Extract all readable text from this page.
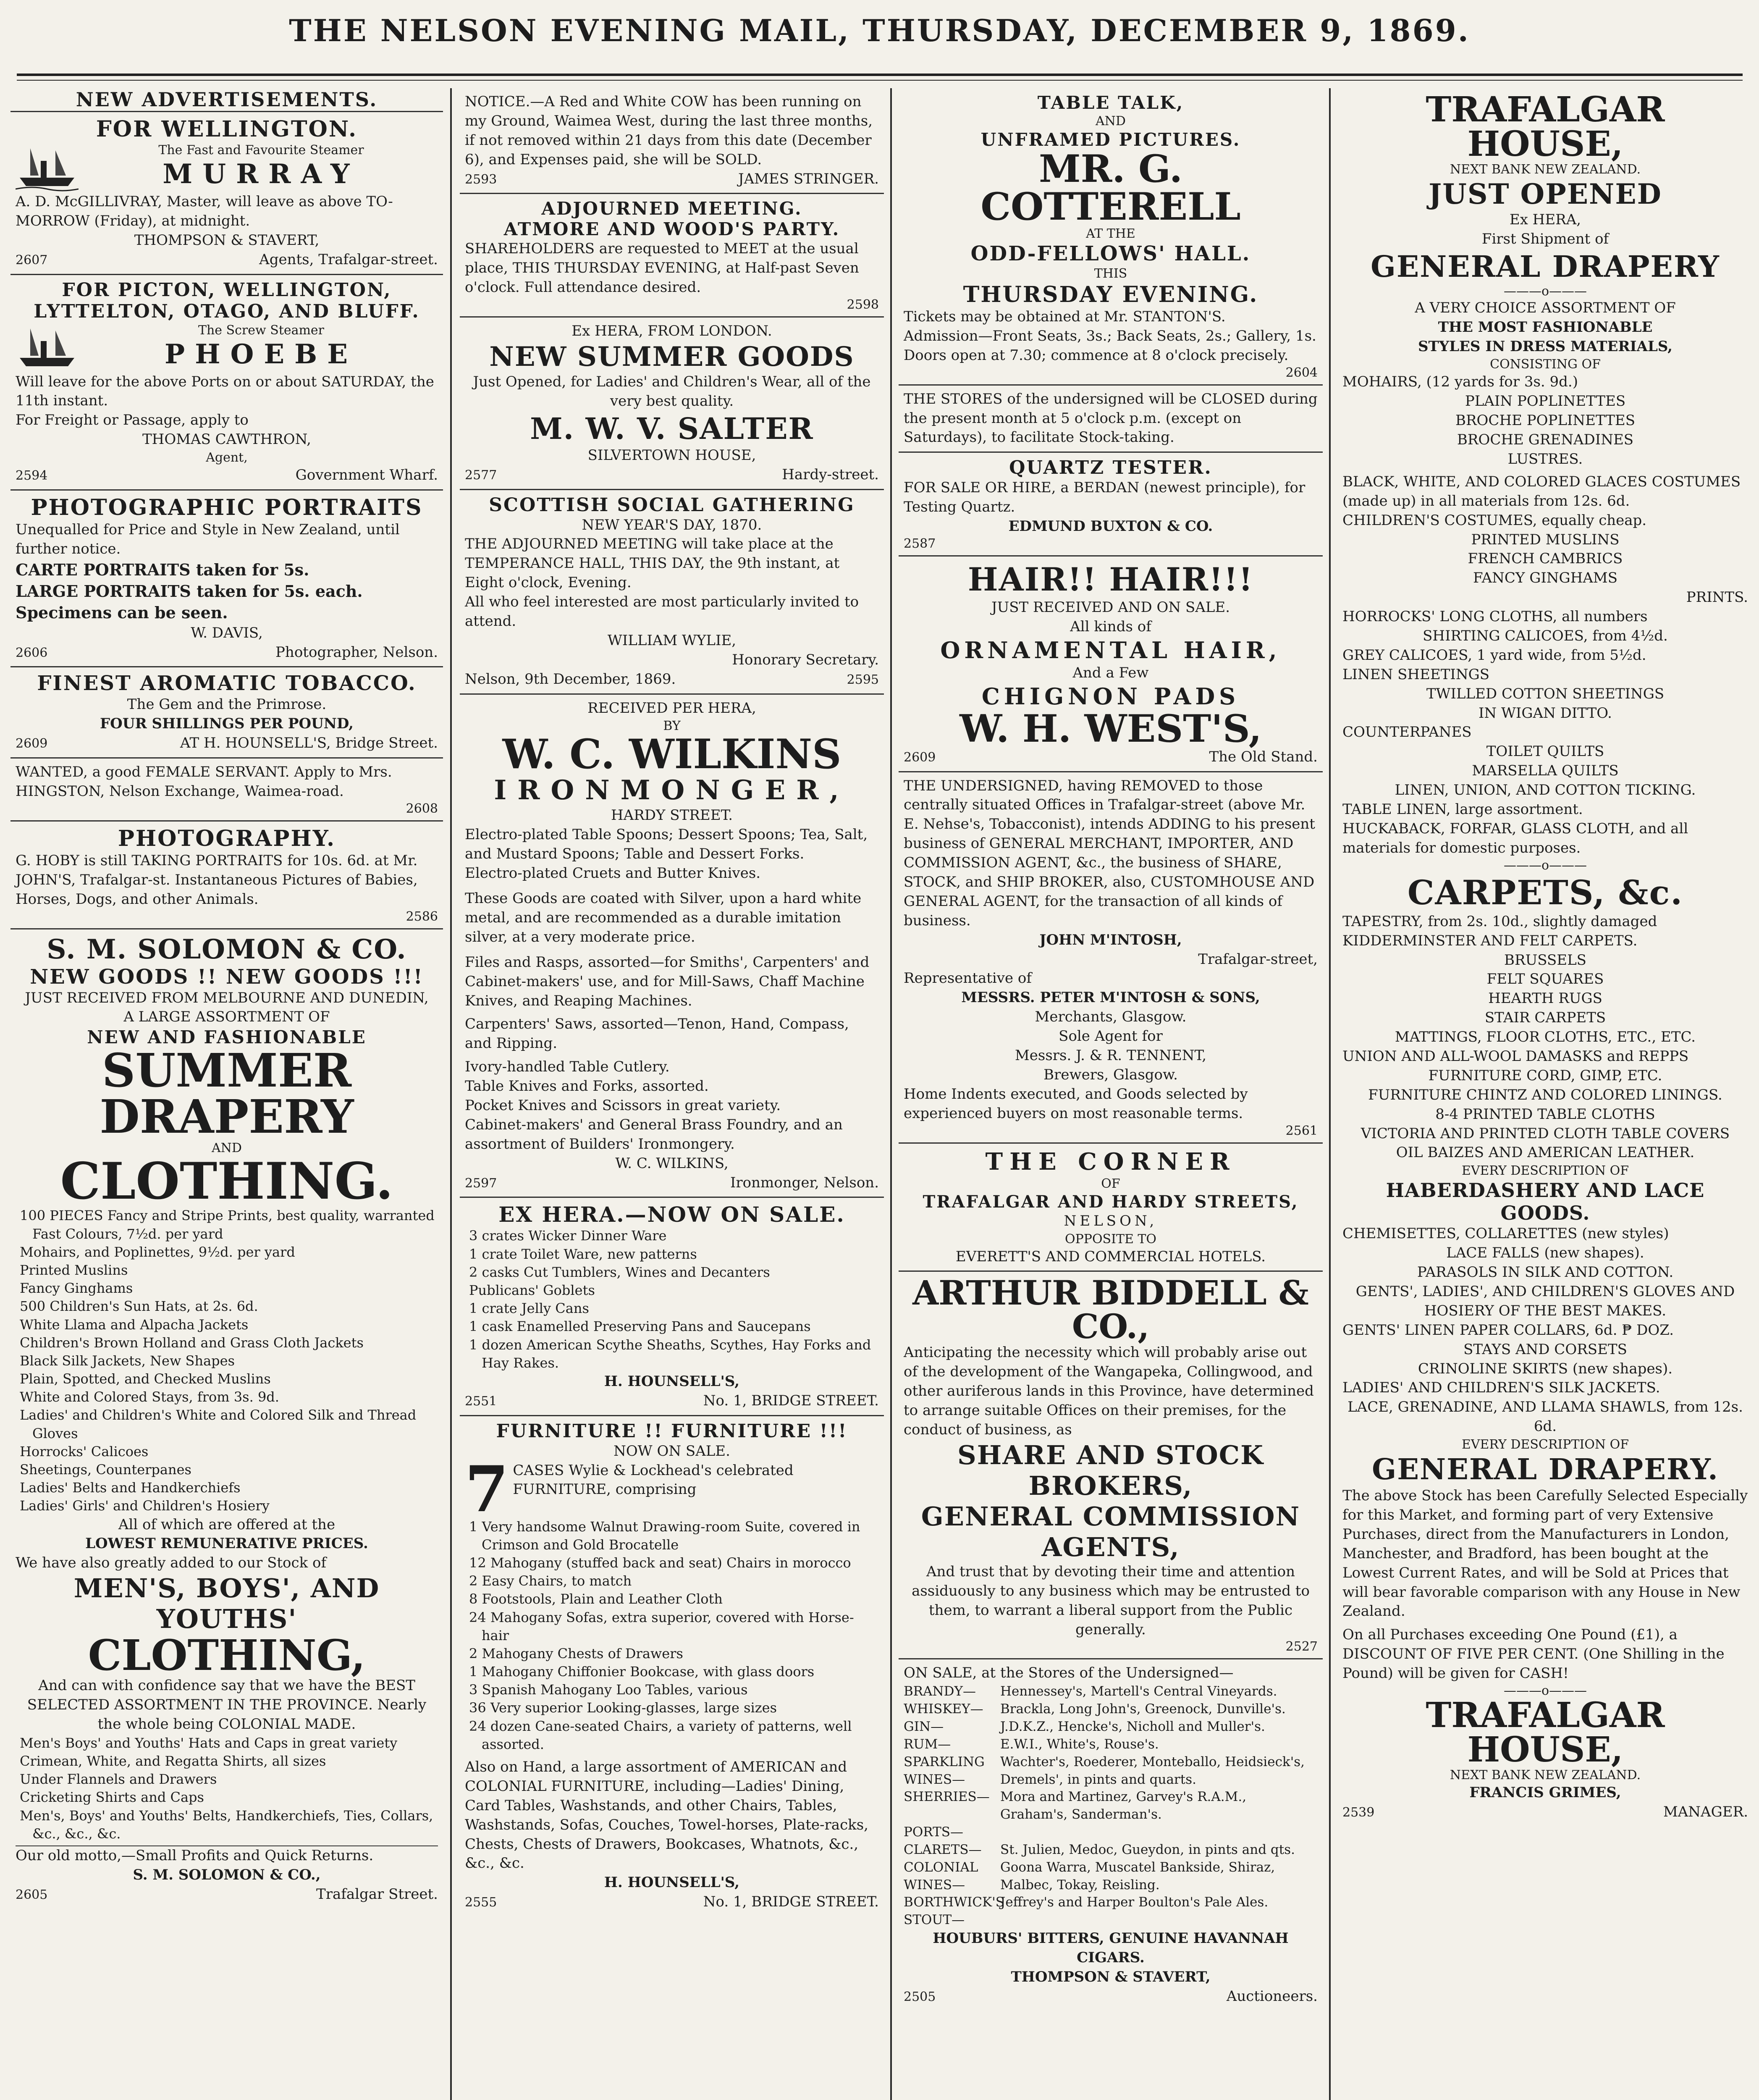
THE NELSON EVENING MAIL, THURSDAY, DECEMBER 9, 1869.
NEW ADVERTISEMENTS.
FOR WELLINGTON.
The Fast and Favourite Steamer
MURRAY
A. D. McGILLIVRAY, Master, will leave as above TO-MORROW (Friday), at midnight.
THOMPSON & STAVERT,
2607	Agents, Trafalgar-street.
FOR PICTON, WELLINGTON, LYTTELTON, OTAGO, AND BLUFF.
The Screw Steamer
PHOEBE
Will leave for the above Ports on or about SATURDAY, the 11th instant.
For Freight or Passage, apply to
THOMAS CAWTHRON,
Agent,
2594	Government Wharf.
PHOTOGRAPHIC PORTRAITS
Unequalled for Price and Style in New Zealand, until further notice.
CARTE PORTRAITS taken for 5s.
LARGE PORTRAITS taken for 5s. each. Specimens can be seen.
W. DAVIS,
2606	Photographer, Nelson.
FINEST AROMATIC TOBACCO.
The Gem and the Primrose.
FOUR SHILLINGS PER POUND,
2609	AT H. HOUNSELL'S, Bridge Street.
WANTED, a good FEMALE SERVANT. Apply to Mrs. HINGSTON, Nelson Exchange, Waimea-road.
2608
PHOTOGRAPHY.
G. HOBY is still TAKING PORTRAITS for 10s. 6d. at Mr. JOHN'S, Trafalgar-st. Instantaneous Pictures of Babies, Horses, Dogs, and other Animals.
2586
S. M. SOLOMON & CO.
NEW GOODS !! NEW GOODS !!!
JUST RECEIVED FROM MELBOURNE AND DUNEDIN,
A LARGE ASSORTMENT OF
NEW AND FASHIONABLE
SUMMER DRAPERY
AND
CLOTHING.
100 PIECES Fancy and Stripe Prints, best quality, warranted Fast Colours, 7½d. per yard
Mohairs, and Poplinettes, 9½d. per yard
Printed Muslins
Fancy Ginghams
500 Children's Sun Hats, at 2s. 6d.
White Llama and Alpacha Jackets
Children's Brown Holland and Grass Cloth Jackets
Black Silk Jackets, New Shapes
Plain, Spotted, and Checked Muslins
White and Colored Stays, from 3s. 9d.
Ladies' and Children's White and Colored Silk and Thread Gloves
Horrocks' Calicoes
Sheetings, Counterpanes
Ladies' Belts and Handkerchiefs
Ladies' Girls' and Children's Hosiery
All of which are offered at the
LOWEST REMUNERATIVE PRICES.
We have also greatly added to our Stock of
MEN'S, BOYS', AND YOUTHS'
CLOTHING,
And can with confidence say that we have the BEST SELECTED ASSORTMENT IN THE PROVINCE. Nearly the whole being COLONIAL MADE.
Men's Boys' and Youths' Hats and Caps in great variety
Crimean, White, and Regatta Shirts, all sizes
Under Flannels and Drawers
Cricketing Shirts and Caps
Men's, Boys' and Youths' Belts, Handkerchiefs, Ties, Collars, &c., &c., &c.
Our old motto,—Small Profits and Quick Returns.
S. M. SOLOMON & CO.,
2605	Trafalgar Street.
NOTICE.—A Red and White COW has been running on my Ground, Waimea West, during the last three months, if not removed within 21 days from this date (December 6), and Expenses paid, she will be SOLD.
2593	JAMES STRINGER.
ADJOURNED MEETING.
ATMORE AND WOOD'S PARTY.
SHAREHOLDERS are requested to MEET at the usual place, THIS THURSDAY EVENING, at Half-past Seven o'clock. Full attendance desired.
2598
Ex HERA, FROM LONDON.
NEW SUMMER GOODS
Just Opened, for Ladies' and Children's Wear, all of the very best quality.
M. W. V. SALTER
SILVERTOWN HOUSE,
2577	Hardy-street.
SCOTTISH SOCIAL GATHERING
NEW YEAR'S DAY, 1870.
THE ADJOURNED MEETING will take place at the TEMPERANCE HALL, THIS DAY, the 9th instant, at Eight o'clock, Evening.
All who feel interested are most particularly invited to attend.
WILLIAM WYLIE,
Honorary Secretary.
Nelson, 9th December, 1869.	2595
RECEIVED PER HERA,
BY
W. C. WILKINS
IRONMONGER,
HARDY STREET.
Electro-plated Table Spoons; Dessert Spoons; Tea, Salt, and Mustard Spoons; Table and Dessert Forks.
Electro-plated Cruets and Butter Knives.
These Goods are coated with Silver, upon a hard white metal, and are recommended as a durable imitation silver, at a very moderate price.
Files and Rasps, assorted—for Smiths', Carpenters' and Cabinet-makers' use, and for Mill-Saws, Chaff Machine Knives, and Reaping Machines.
Carpenters' Saws, assorted—Tenon, Hand, Compass, and Ripping.
Ivory-handled Table Cutlery.
Table Knives and Forks, assorted.
Pocket Knives and Scissors in great variety.
Cabinet-makers' and General Brass Foundry, and an assortment of Builders' Ironmongery.
W. C. WILKINS,
2597	Ironmonger, Nelson.
EX HERA.—NOW ON SALE.
3 crates Wicker Dinner Ware
1 crate Toilet Ware, new patterns
2 casks Cut Tumblers, Wines and Decanters
Publicans' Goblets
1 crate Jelly Cans
1 cask Enamelled Preserving Pans and Saucepans
1 dozen American Scythe Sheaths, Scythes, Hay Forks and Hay Rakes.
H. HOUNSELL'S,
2551	No. 1, BRIDGE STREET.
FURNITURE !! FURNITURE !!!
NOW ON SALE.
7 CASES Wylie & Lockhead's celebrated FURNITURE, comprising
1 Very handsome Walnut Drawing-room Suite, covered in Crimson and Gold Brocatelle
12 Mahogany (stuffed back and seat) Chairs in morocco
2 Easy Chairs, to match
8 Footstools, Plain and Leather Cloth
24 Mahogany Sofas, extra superior, covered with Horse-hair
2 Mahogany Chests of Drawers
1 Mahogany Chiffonier Bookcase, with glass doors
3 Spanish Mahogany Loo Tables, various
36 Very superior Looking-glasses, large sizes
24 dozen Cane-seated Chairs, a variety of patterns, well assorted.
Also on Hand, a large assortment of AMERICAN and COLONIAL FURNITURE, including—Ladies' Dining, Card Tables, Washstands, and other Chairs, Tables, Washstands, Sofas, Couches, Towel-horses, Plate-racks, Chests, Chests of Drawers, Bookcases, Whatnots, &c., &c., &c.
H. HOUNSELL'S,
2555	No. 1, BRIDGE STREET.
TABLE TALK,
AND
UNFRAMED PICTURES.
MR. G. COTTERELL
AT THE
ODD-FELLOWS' HALL.
THIS
THURSDAY EVENING.
Tickets may be obtained at Mr. STANTON'S.
Admission—Front Seats, 3s.; Back Seats, 2s.; Gallery, 1s.
Doors open at 7.30; commence at 8 o'clock precisely.
2604
THE STORES of the undersigned will be CLOSED during the present month at 5 o'clock p.m. (except on Saturdays), to facilitate Stock-taking.
QUARTZ TESTER.
FOR SALE OR HIRE, a BERDAN (newest principle), for Testing Quartz.
EDMUND BUXTON & CO.
2587
HAIR!! HAIR!!!
JUST RECEIVED AND ON SALE.
All kinds of
ORNAMENTAL HAIR,
And a Few
CHIGNON PADS
W. H. WEST'S,
2609	The Old Stand.
THE UNDERSIGNED, having REMOVED to those centrally situated Offices in Trafalgar-street (above Mr. E. Nehse's, Tobacconist), intends ADDING to his present business of GENERAL MERCHANT, IMPORTER, AND COMMISSION AGENT, &c., the business of SHARE, STOCK, and SHIP BROKER, also, CUSTOMHOUSE AND GENERAL AGENT, for the transaction of all kinds of business.
JOHN M'INTOSH,
Trafalgar-street,
Representative of
MESSRS. PETER M'INTOSH & SONS,
Merchants, Glasgow.
Sole Agent for
Messrs. J. & R. TENNENT,
Brewers, Glasgow.
Home Indents executed, and Goods selected by experienced buyers on most reasonable terms.
2561
THE CORNER
OF
TRAFALGAR AND HARDY STREETS,
NELSON,
OPPOSITE TO
EVERETT'S AND COMMERCIAL HOTELS.
ARTHUR BIDDELL & CO.,
Anticipating the necessity which will probably arise out of the development of the Wangapeka, Collingwood, and other auriferous lands in this Province, have determined to arrange suitable Offices on their premises, for the conduct of business, as
SHARE AND STOCK BROKERS,
GENERAL COMMISSION AGENTS,
And trust that by devoting their time and attention assiduously to any business which may be entrusted to them, to warrant a liberal support from the Public generally.
2527
ON SALE, at the Stores of the Undersigned—
BRANDY—	Hennessey's, Martell's Central Vineyards.
WHISKEY—	Brackla, Long John's, Greenock, Dunville's.
GIN—	J.D.K.Z., Hencke's, Nicholl and Muller's.
RUM—	E.W.I., White's, Rouse's.
SPARKLING WINES—
Wachter's, Roederer, Monteballo, Heidsieck's, Dremels', in pints and quarts.
SHERRIES— Mora and Martinez, Garvey's R.A.M., Graham's, Sanderman's.
PORTS—
CLARETS—	St. Julien, Medoc, Gueydon, in pints and qts.
COLONIAL WINES—
Goona Warra, Muscatel Bankside, Shiraz, Malbec, Tokay, Reisling.
BORTHWICK'S STOUT—
Jeffrey's and Harper Boulton's Pale Ales.
HOUBURS' BITTERS, GENUINE HAVANNAH CIGARS.
THOMPSON & STAVERT,
2505	Auctioneers.
TRAFALGAR HOUSE,
NEXT BANK NEW ZEALAND.
JUST OPENED
Ex HERA,
First Shipment of
GENERAL DRAPERY
———o———
A VERY CHOICE ASSORTMENT OF
THE MOST FASHIONABLE
STYLES IN DRESS MATERIALS,
CONSISTING OF
MOHAIRS, (12 yards for 3s. 9d.)
PLAIN POPLINETTES
BROCHE POPLINETTES
BROCHE GRENADINES
LUSTRES.
BLACK, WHITE, AND COLORED GLACES COSTUMES (made up) in all materials from 12s. 6d.
CHILDREN'S COSTUMES, equally cheap.
PRINTED MUSLINS
FRENCH CAMBRICS
FANCY GINGHAMS
PRINTS.
HORROCKS' LONG CLOTHS, all numbers
SHIRTING CALICOES, from 4½d.
GREY CALICOES, 1 yard wide, from 5½d.
LINEN SHEETINGS
TWILLED COTTON SHEETINGS
IN WIGAN DITTO.
COUNTERPANES
TOILET QUILTS
MARSELLA QUILTS
LINEN, UNION, AND COTTON TICKING.
TABLE LINEN, large assortment.
HUCKABACK, FORFAR, GLASS CLOTH, and all materials for domestic purposes.
———o———
CARPETS, &c.
TAPESTRY, from 2s. 10d., slightly damaged
KIDDERMINSTER AND FELT CARPETS.
BRUSSELS
FELT SQUARES
HEARTH RUGS
STAIR CARPETS
MATTINGS, FLOOR CLOTHS, ETC., ETC.
UNION AND ALL-WOOL DAMASKS and REPPS
FURNITURE CORD, GIMP, ETC.
FURNITURE CHINTZ AND COLORED LININGS.
8-4 PRINTED TABLE CLOTHS
VICTORIA AND PRINTED CLOTH TABLE COVERS
OIL BAIZES AND AMERICAN LEATHER.
EVERY DESCRIPTION OF
HABERDASHERY AND LACE GOODS.
CHEMISETTES, COLLARETTES (new styles)
LACE FALLS (new shapes).
PARASOLS IN SILK AND COTTON.
GENTS', LADIES', AND CHILDREN'S GLOVES AND HOSIERY OF THE BEST MAKES.
GENTS' LINEN PAPER COLLARS, 6d. ₱ DOZ.
STAYS AND CORSETS
CRINOLINE SKIRTS (new shapes).
LADIES' AND CHILDREN'S SILK JACKETS.
LACE, GRENADINE, AND LLAMA SHAWLS, from 12s. 6d.
EVERY DESCRIPTION OF
GENERAL DRAPERY.
The above Stock has been Carefully Selected Especially for this Market, and forming part of very Extensive Purchases, direct from the Manufacturers in London, Manchester, and Bradford, has been bought at the Lowest Current Rates, and will be Sold at Prices that will bear favorable comparison with any House in New Zealand.
On all Purchases exceeding One Pound (£1), a DISCOUNT OF FIVE PER CENT. (One Shilling in the Pound) will be given for CASH!
———o———
TRAFALGAR HOUSE,
NEXT BANK NEW ZEALAND.
FRANCIS GRIMES,
2539	MANAGER.
